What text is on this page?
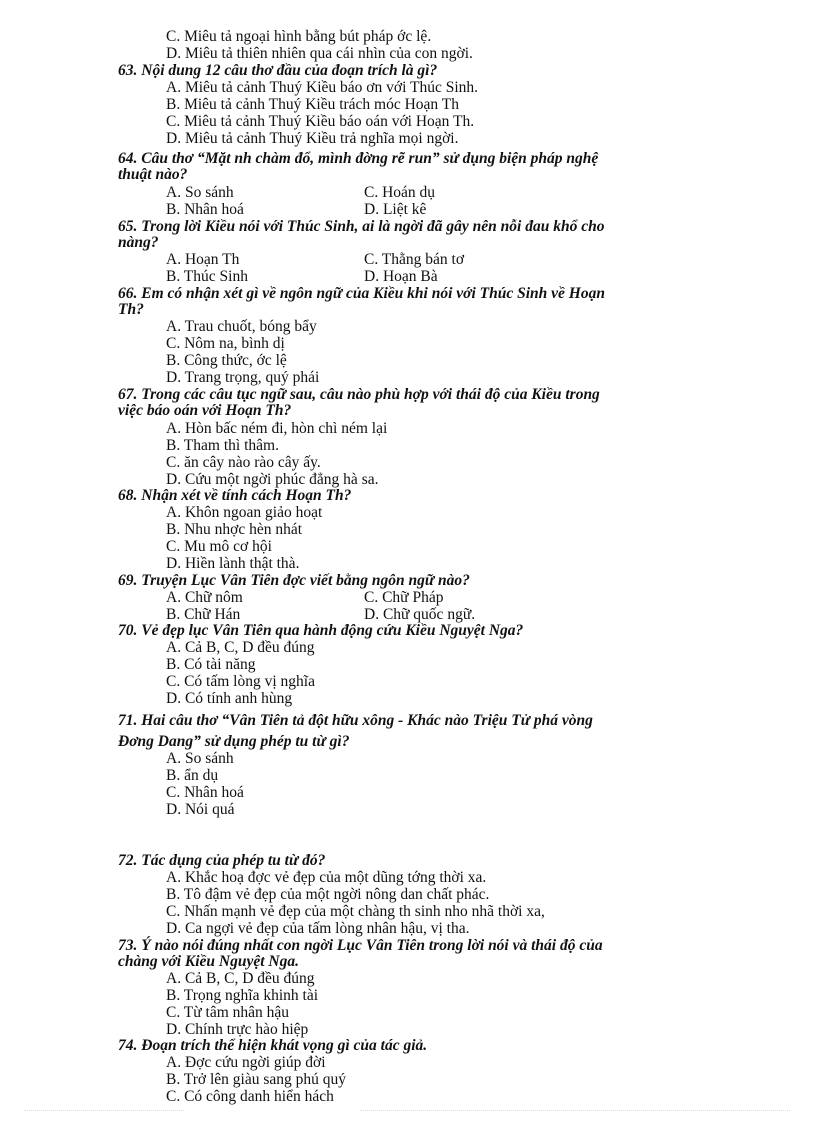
C. Miêu tả ngoại hình bằng bút pháp ớc lệ.
D. Miêu tả thiên nhiên qua cái nhìn của con ngời.
63. Nội dung 12 câu thơ đầu của đoạn trích là gì?
A. Miêu tả cảnh Thuý Kiều báo ơn với Thúc Sinh.
B. Miêu tả cảnh Thuý Kiều trách móc Hoạn Th
C. Miêu tả cảnh Thuý Kiều báo oán với Hoạn Th.
D. Miêu tả cảnh Thuý Kiều trả nghĩa mọi ngời.
64. Câu thơ “Mặt nh chàm đổ, mình đờng rẽ run” sử dụng biện pháp nghệ
thuật nào?
A. So sánh	C. Hoán dụ
B. Nhân hoá	D. Liệt kê
65. Trong lời Kiều nói với Thúc Sinh, ai là ngời đã gây nên nỗi đau khổ cho
nàng?
A. Hoạn Th	C. Thằng bán tơ
B. Thúc Sinh	D. Hoạn Bà
66. Em có nhận xét gì về ngôn ngữ của Kiều khi nói với Thúc Sinh về Hoạn
Th?
A. Trau chuốt, bóng bẩy
C. Nôm na, bình dị
B. Công thức, ớc lệ
D. Trang trọng, quý phái
67. Trong các câu tục ngữ sau, câu nào phù hợp với thái độ của Kiều trong
việc báo oán với Hoạn Th?
A. Hòn bấc ném đi, hòn chì ném lại
B. Tham thì thâm.
C. ăn cây nào rào cây ấy.
D. Cứu một ngời phúc đẳng hà sa.
68. Nhận xét về tính cách Hoạn Th?
A. Khôn ngoan giảo hoạt
B. Nhu nhợc hèn nhát
C. Mu mô cơ hội
D. Hiền lành thật thà.
69. Truyện Lục Vân Tiên đợc viết bằng ngôn ngữ nào?
A. Chữ nôm	C. Chữ Pháp
B. Chữ Hán	D. Chữ quốc ngữ.
70. Vẻ đẹp lục Vân Tiên qua hành động cứu Kiều Nguyệt Nga?
A. Cả B, C, D đều đúng
B. Có tài năng
C. Có tấm lòng vị nghĩa
D. Có tính anh hùng
71. Hai câu thơ “Vân Tiên tả đột hữu xông - Khác nào Triệu Tử phá vòng
Đơng Dang” sử dụng phép tu từ gì?
A. So sánh
B. ẩn dụ
C. Nhân hoá
D. Nói quá
72. Tác dụng của phép tu từ đó?
A. Khắc hoạ đợc vẻ đẹp của một dũng tớng thời xa.
B. Tô đậm vẻ đẹp của một ngời nông dan chất phác.
C. Nhấn mạnh vẻ đẹp của một chàng th sinh nho nhã thời xa,
D. Ca ngợi vẻ đẹp của tấm lòng nhân hậu, vị tha.
73. Ý nào nói đúng nhất con ngời Lục Vân Tiên trong lời nói và thái độ của
chàng với Kiều Nguyệt Nga.
A. Cả B, C, D đều đúng
B. Trọng nghĩa khinh tài
C. Từ tâm nhân hậu
D. Chính trực hào hiệp
74. Đoạn trích thể hiện khát vọng gì của tác giả.
A. Đợc cứu ngời giúp đời
B. Trở lên giàu sang phú quý
C. Có công danh hiển hách
